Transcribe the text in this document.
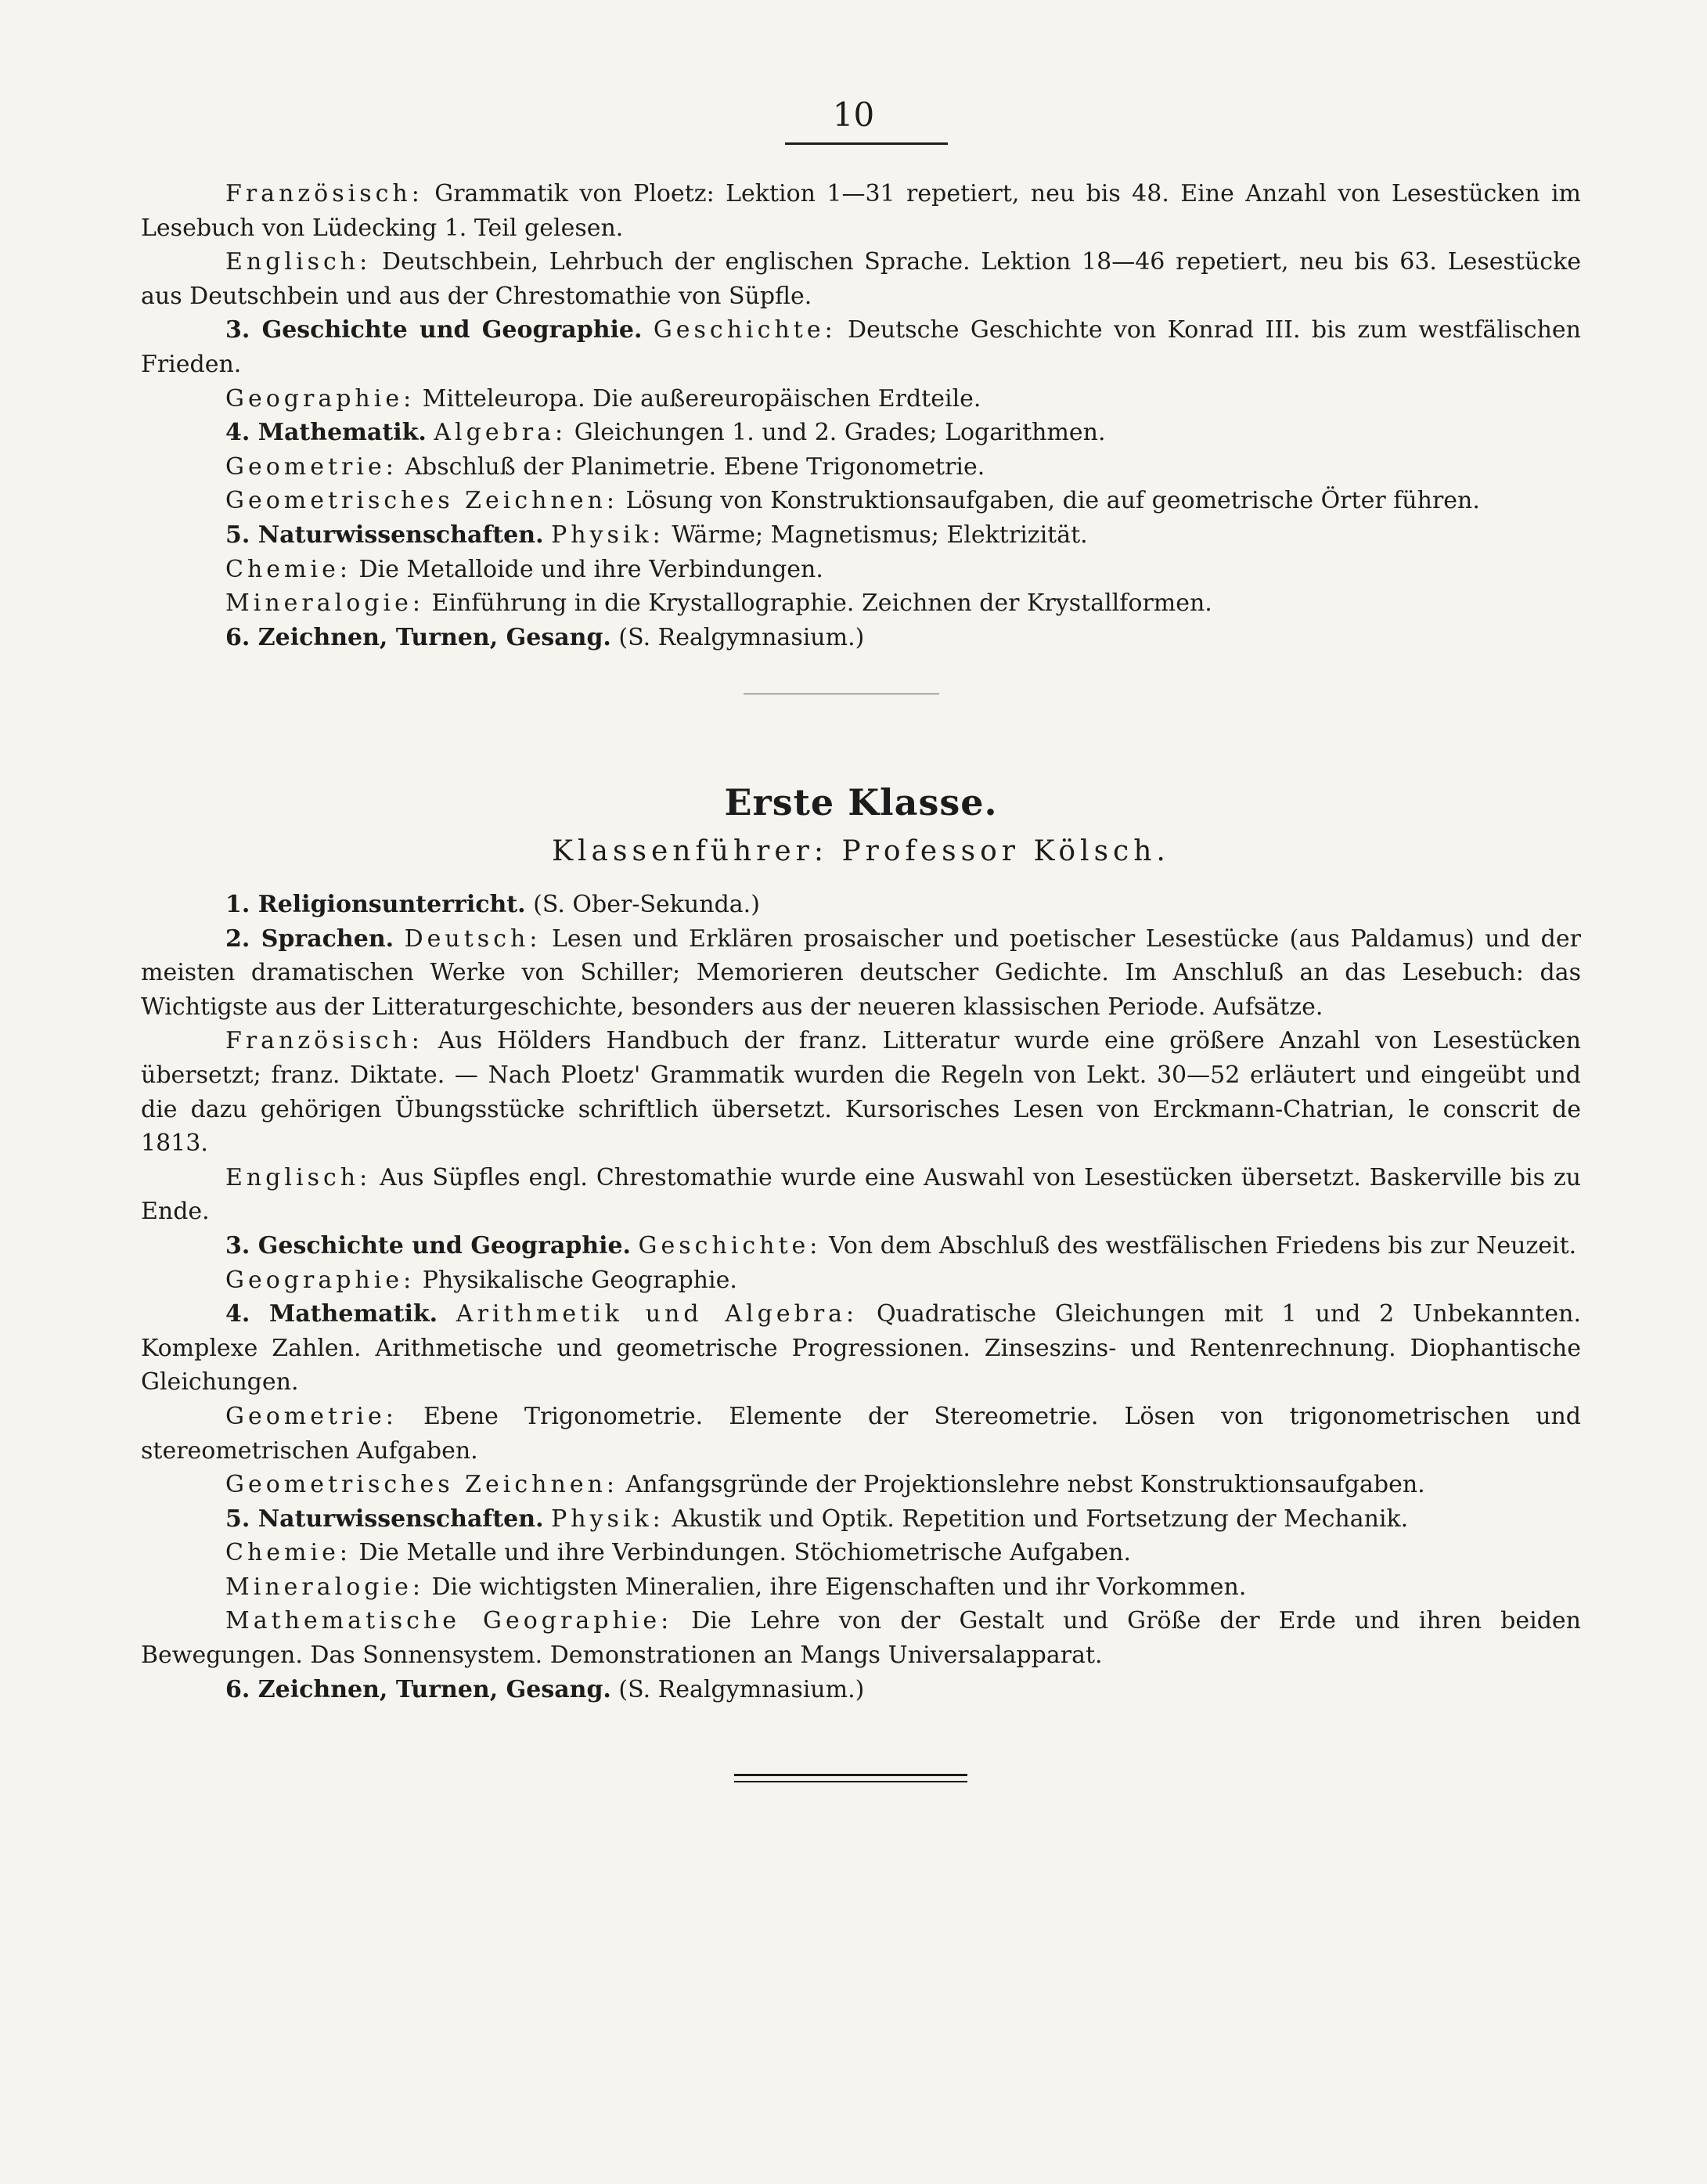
10

Französisch: Grammatik von Ploetz: Lektion 1—31 repetiert, neu bis 48. Eine Anzahl von Lesestücken im Lesebuch von Lüdecking 1. Teil gelesen.

Englisch: Deutschbein, Lehrbuch der englischen Sprache. Lektion 18—46 repetiert, neu bis 63. Lesestücke aus Deutschbein und aus der Chrestomathie von Süpfle.

3. Geschichte und Geographie. Geschichte: Deutsche Geschichte von Konrad III. bis zum westfälischen Frieden.

Geographie: Mitteleuropa. Die außereuropäischen Erdteile.

4. Mathematik. Algebra: Gleichungen 1. und 2. Grades; Logarithmen.

Geometrie: Abschluß der Planimetrie. Ebene Trigonometrie.

Geometrisches Zeichnen: Lösung von Konstruktionsaufgaben, die auf geometrische Örter führen.

5. Naturwissenschaften. Physik: Wärme; Magnetismus; Elektrizität.

Chemie: Die Metalloide und ihre Verbindungen.

Mineralogie: Einführung in die Krystallographie. Zeichnen der Krystallformen.

6. Zeichnen, Turnen, Gesang. (S. Realgymnasium.)

Erste Klasse.

Klassenführer: Professor Kölsch.

1. Religionsunterricht. (S. Ober-Sekunda.)

2. Sprachen. Deutsch: Lesen und Erklären prosaischer und poetischer Lesestücke (aus Paldamus) und der meisten dramatischen Werke von Schiller; Memorieren deutscher Gedichte. Im Anschluß an das Lesebuch: das Wichtigste aus der Litteraturgeschichte, besonders aus der neueren klassischen Periode. Aufsätze.

Französisch: Aus Hölders Handbuch der franz. Litteratur wurde eine größere Anzahl von Lesestücken übersetzt; franz. Diktate. — Nach Ploetz' Grammatik wurden die Regeln von Lekt. 30—52 erläutert und eingeübt und die dazu gehörigen Übungsstücke schriftlich übersetzt. Kursorisches Lesen von Erckmann-Chatrian, le conscrit de 1813.

Englisch: Aus Süpfles engl. Chrestomathie wurde eine Auswahl von Lesestücken übersetzt. Baskerville bis zu Ende.

3. Geschichte und Geographie. Geschichte: Von dem Abschluß des westfälischen Friedens bis zur Neuzeit.

Geographie: Physikalische Geographie.

4. Mathematik. Arithmetik und Algebra: Quadratische Gleichungen mit 1 und 2 Unbekannten. Komplexe Zahlen. Arithmetische und geometrische Progressionen. Zinseszins- und Rentenrechnung. Diophantische Gleichungen.

Geometrie: Ebene Trigonometrie. Elemente der Stereometrie. Lösen von trigonometrischen und stereometrischen Aufgaben.

Geometrisches Zeichnen: Anfangsgründe der Projektionslehre nebst Konstruktionsaufgaben.

5. Naturwissenschaften. Physik: Akustik und Optik. Repetition und Fortsetzung der Mechanik.

Chemie: Die Metalle und ihre Verbindungen. Stöchiometrische Aufgaben.

Mineralogie: Die wichtigsten Mineralien, ihre Eigenschaften und ihr Vorkommen.

Mathematische Geographie: Die Lehre von der Gestalt und Größe der Erde und ihren beiden Bewegungen. Das Sonnensystem. Demonstrationen an Mangs Universalapparat.

6. Zeichnen, Turnen, Gesang. (S. Realgymnasium.)
